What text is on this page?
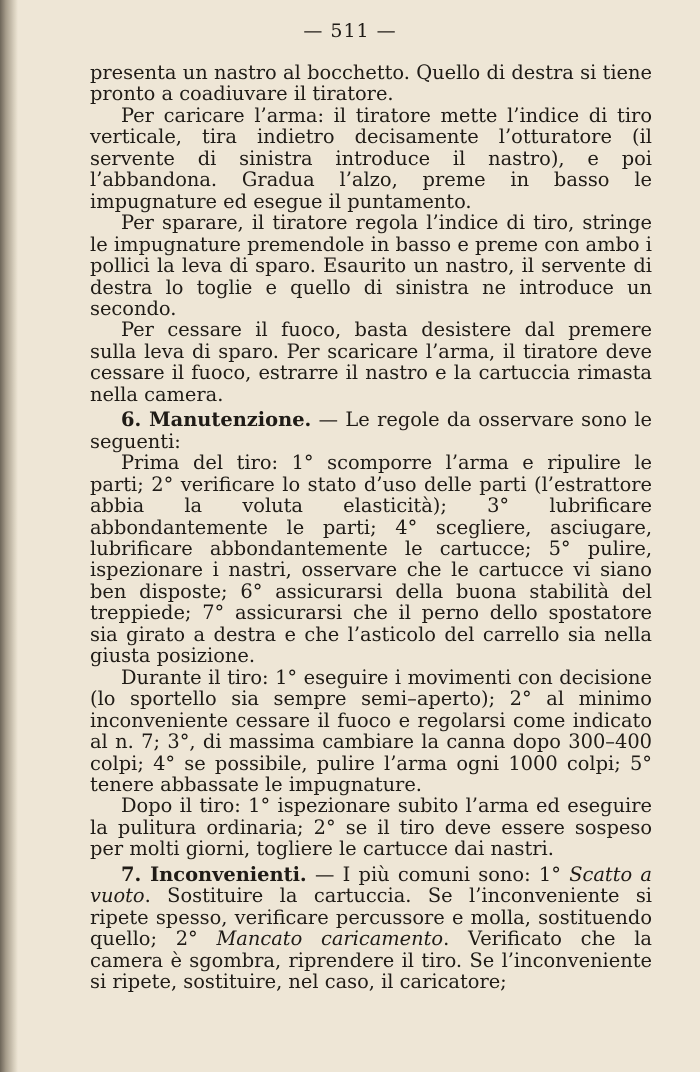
— 511 —

presenta un nastro al bocchetto. Quello di destra si tiene pronto a coadiuvare il tiratore.

Per caricare l’arma: il tiratore mette l’indice di tiro verticale, tira indietro decisamente l’otturatore (il servente di sinistra introduce il nastro), e poi l’abbandona. Gradua l’alzo, preme in basso le impugnature ed esegue il puntamento.

Per sparare, il tiratore regola l’indice di tiro, stringe le impugnature premendole in basso e preme con ambo i pollici la leva di sparo. Esaurito un nastro, il servente di destra lo toglie e quello di sinistra ne introduce un secondo.

Per cessare il fuoco, basta desistere dal premere sulla leva di sparo. Per scaricare l’arma, il tiratore deve cessare il fuoco, estrarre il nastro e la cartuccia rimasta nella camera.

6. Manutenzione. — Le regole da osservare sono le seguenti:

Prima del tiro: 1° scomporre l’arma e ripulire le parti; 2° verificare lo stato d’uso delle parti (l’estrattore abbia la voluta elasticità); 3° lubrificare abbondantemente le parti; 4° scegliere, asciugare, lubrificare abbondantemente le cartucce; 5° pulire, ispezionare i nastri, osservare che le cartucce vi siano ben disposte; 6° assicurarsi della buona stabilità del treppiede; 7° assicurarsi che il perno dello spostatore sia girato a destra e che l’asticolo del carrello sia nella giusta posizione.

Durante il tiro: 1° eseguire i movimenti con decisione (lo sportello sia sempre semi–aperto); 2° al minimo inconveniente cessare il fuoco e regolarsi come indicato al n. 7; 3°, di massima cambiare la canna dopo 300–400 colpi; 4° se possibile, pulire l’arma ogni 1000 colpi; 5° tenere abbassate le impugnature.

Dopo il tiro: 1° ispezionare subito l’arma ed eseguire la pulitura ordinaria; 2° se il tiro deve essere sospeso per molti giorni, togliere le cartucce dai nastri.

7. Inconvenienti. — I più comuni sono: 1° Scatto a vuoto. Sostituire la cartuccia. Se l’inconveniente si ripete spesso, verificare percussore e molla, sostituendo quello; 2° Mancato caricamento. Verificato che la camera è sgombra, riprendere il tiro. Se l’inconveniente si ripete, sostituire, nel caso, il caricatore;
